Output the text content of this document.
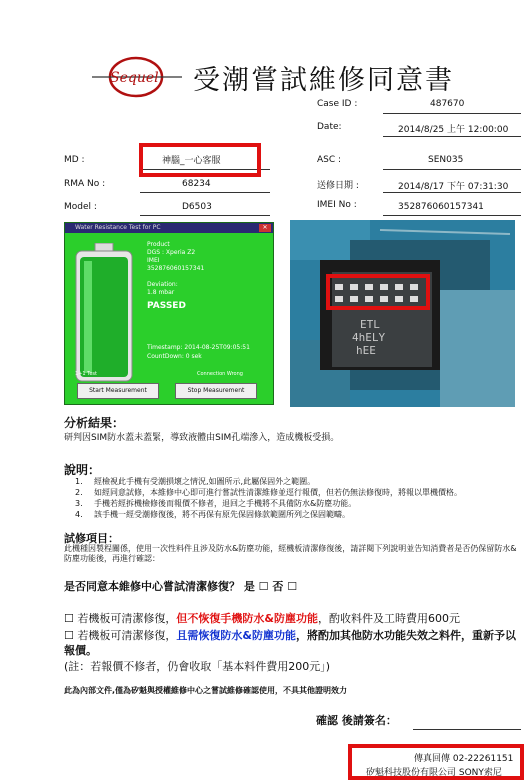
Sequel 受潮嘗試維修同意書
Case ID :	487670
Date:	2014/8/25 上午 12:00:00
MD :	神腦_一心客服	ASC :	SEN035
RMA No :	68234	送修日期 :	2014/8/17 下午 07:31:30
Model :	D6503	IMEI No :	352876060157341
Water Resistance Test for PC	✕
Product
DGS : Xperia Z2
IMEI
352876060157341
Deviation:
1.8 mbar
PASSED
Timestamp: 2014-08-25T09:05:51
CountDown: 0 sek
1+1 Test	Connection Wrong
Start Measurement	Stop Measurement
ETL
4hELY
hEE
分析結果：
研判因SIM防水蓋未蓋緊，導致液體由SIM孔端滲入，造成機板受損。
說明：
1. 經檢視此手機有受潮損壞之情況,如圖所示,此屬保固外之範圍。
2. 如經同意試修，本維修中心即可進行嘗試性清潔維修並逕行報價，但若仍無法修復時，將報以單機價格。
3. 手機若經拆機檢修後而報價不修者，退回之手機將不具備防水&防塵功能。
4. 該手機一經受潮修復後，將不再保有原先保固條款範圍所列之保固範疇。
試修項目：
此機種因製程關係，使用一次性料件且涉及防水&防塵功能，經機板清潔修復後，請詳閱下列說明並告知消費者是否仍保留防水&防塵功能後，再進行確認：
是否同意本維修中心嘗試清潔修復？ 是 ☐ 否 ☐
☐ 若機板可清潔修復，但不恢復手機防水&防塵功能，酌收料件及工時費用600元
☐ 若機板可清潔修復，且需恢復防水&防塵功能，將酌加其他防水功能失效之料件，重新予以報價。
(註：若報價不修者，仍會收取「基本料件費用200元」)
此為內部文件,僅為矽魁與授權維修中心之嘗試維修確認使用，不具其他證明效力
確認 後請簽名：
傳真回傳 02-22261151
矽魁科技股份有限公司 SONY索尼
